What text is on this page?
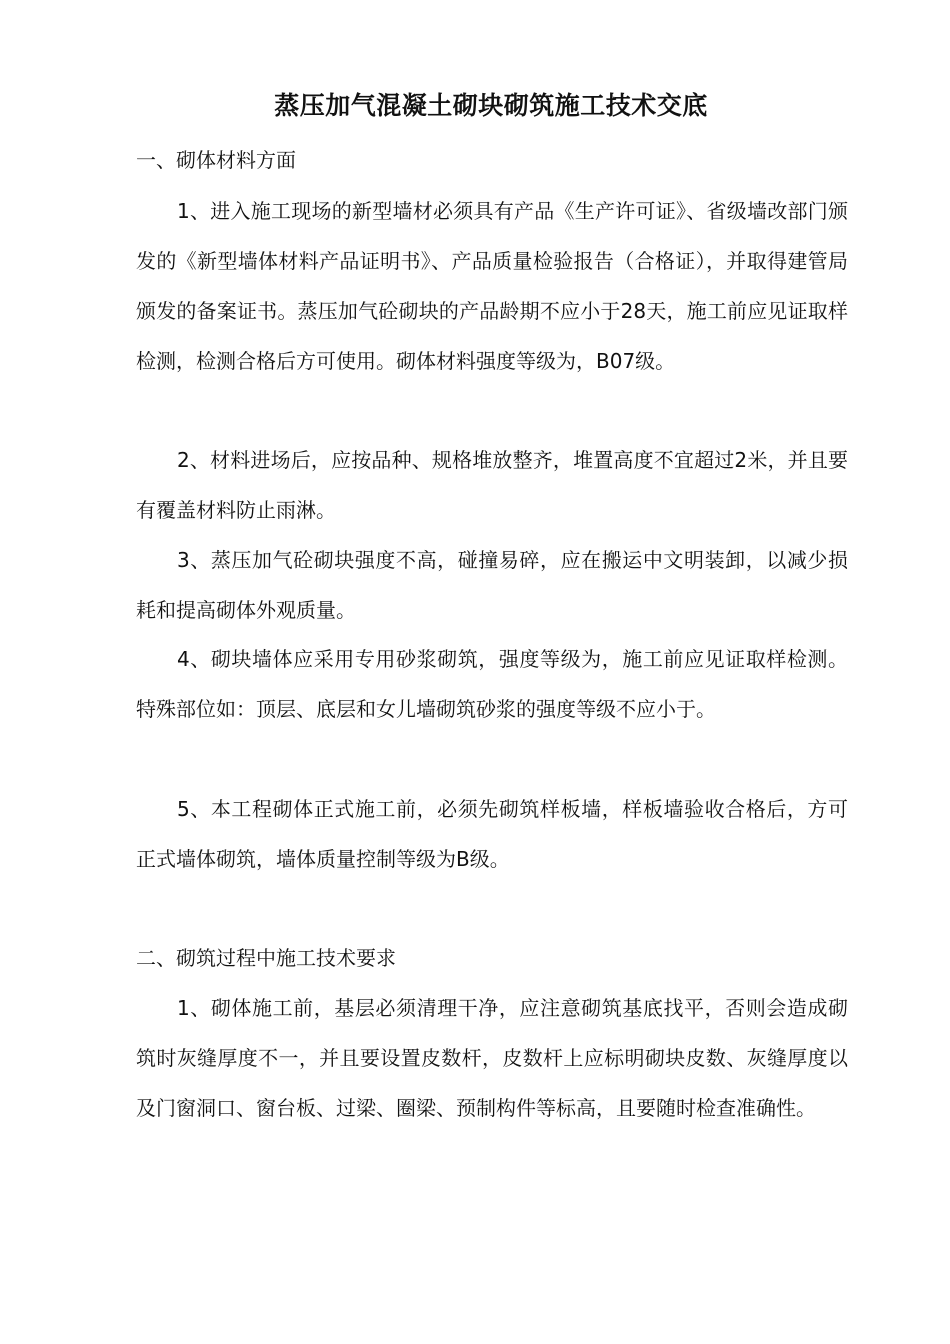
蒸压加气混凝土砌块砌筑施工技术交底
一、砌体材料方面
1、进入施工现场的新型墙材必须具有产品《生产许可证》、省级墙改部门颁发的《新型墙体材料产品证明书》、产品质量检验报告（合格证），并取得建管局颁发的备案证书。蒸压加气砼砌块的产品龄期不应小于28天，施工前应见证取样检测，检测合格后方可使用。砌体材料强度等级为，B07级。
2、材料进场后，应按品种、规格堆放整齐，堆置高度不宜超过2米，并且要有覆盖材料防止雨淋。
3、蒸压加气砼砌块强度不高，碰撞易碎，应在搬运中文明装卸，以减少损耗和提高砌体外观质量。
4、砌块墙体应采用专用砂浆砌筑，强度等级为，施工前应见证取样检测。特殊部位如：顶层、底层和女儿墙砌筑砂浆的强度等级不应小于。
5、本工程砌体正式施工前，必须先砌筑样板墙，样板墙验收合格后，方可正式墙体砌筑，墙体质量控制等级为B级。
二、砌筑过程中施工技术要求
1、砌体施工前，基层必须清理干净，应注意砌筑基底找平，否则会造成砌筑时灰缝厚度不一，并且要设置皮数杆，皮数杆上应标明砌块皮数、灰缝厚度以及门窗洞口、窗台板、过梁、圈梁、预制构件等标高，且要随时检查准确性。
